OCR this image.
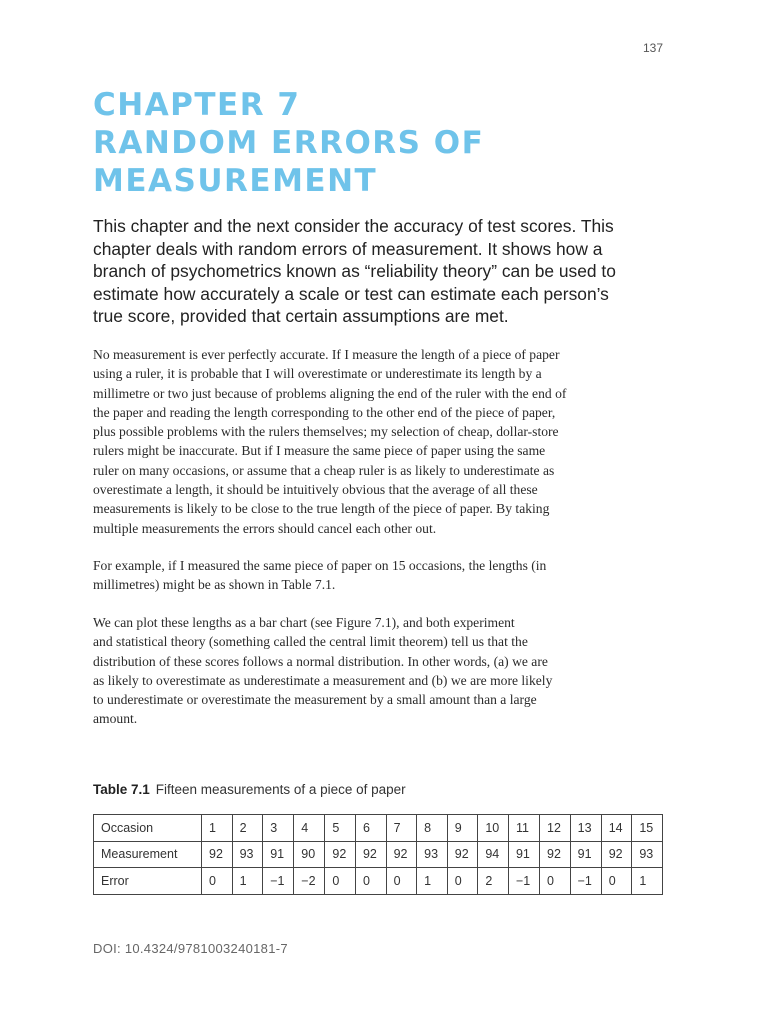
137
CHAPTER 7
RANDOM ERRORS OF
MEASUREMENT
This chapter and the next consider the accuracy of test scores. This
chapter deals with random errors of measurement. It shows how a
branch of psychometrics known as “reliability theory” can be used to
estimate how accurately a scale or test can estimate each person’s
true score, provided that certain assumptions are met.
No measurement is ever perfectly accurate. If I measure the length of a piece of paper
using a ruler, it is probable that I will overestimate or underestimate its length by a
millimetre or two just because of problems aligning the end of the ruler with the end of
the paper and reading the length corresponding to the other end of the piece of paper,
plus possible problems with the rulers themselves; my selection of cheap, dollar-store
rulers might be inaccurate. But if I measure the same piece of paper using the same
ruler on many occasions, or assume that a cheap ruler is as likely to underestimate as
overestimate a length, it should be intuitively obvious that the average of all these
measurements is likely to be close to the true length of the piece of paper. By taking
multiple measurements the errors should cancel each other out.
For example, if I measured the same piece of paper on 15 occasions, the lengths (in
millimetres) might be as shown in Table 7.1.
We can plot these lengths as a bar chart (see Figure 7.1), and both experiment
and statistical theory (something called the central limit theorem) tell us that the
distribution of these scores follows a normal distribution. In other words, (a) we are
as likely to overestimate as underestimate a measurement and (b) we are more likely
to underestimate or overestimate the measurement by a small amount than a large
amount.
Table 7.1 Fifteen measurements of a piece of paper
Occasion	1	2	3	4	5	6	7	8	9	10	11	12	13	14	15
Measurement	92	93	91	90	92	92	92	93	92	94	91	92	91	92	93
Error	0	1	−1	−2	0	0	0	1	0	2	−1	0	−1	0	1
DOI: 10.4324/9781003240181-7
